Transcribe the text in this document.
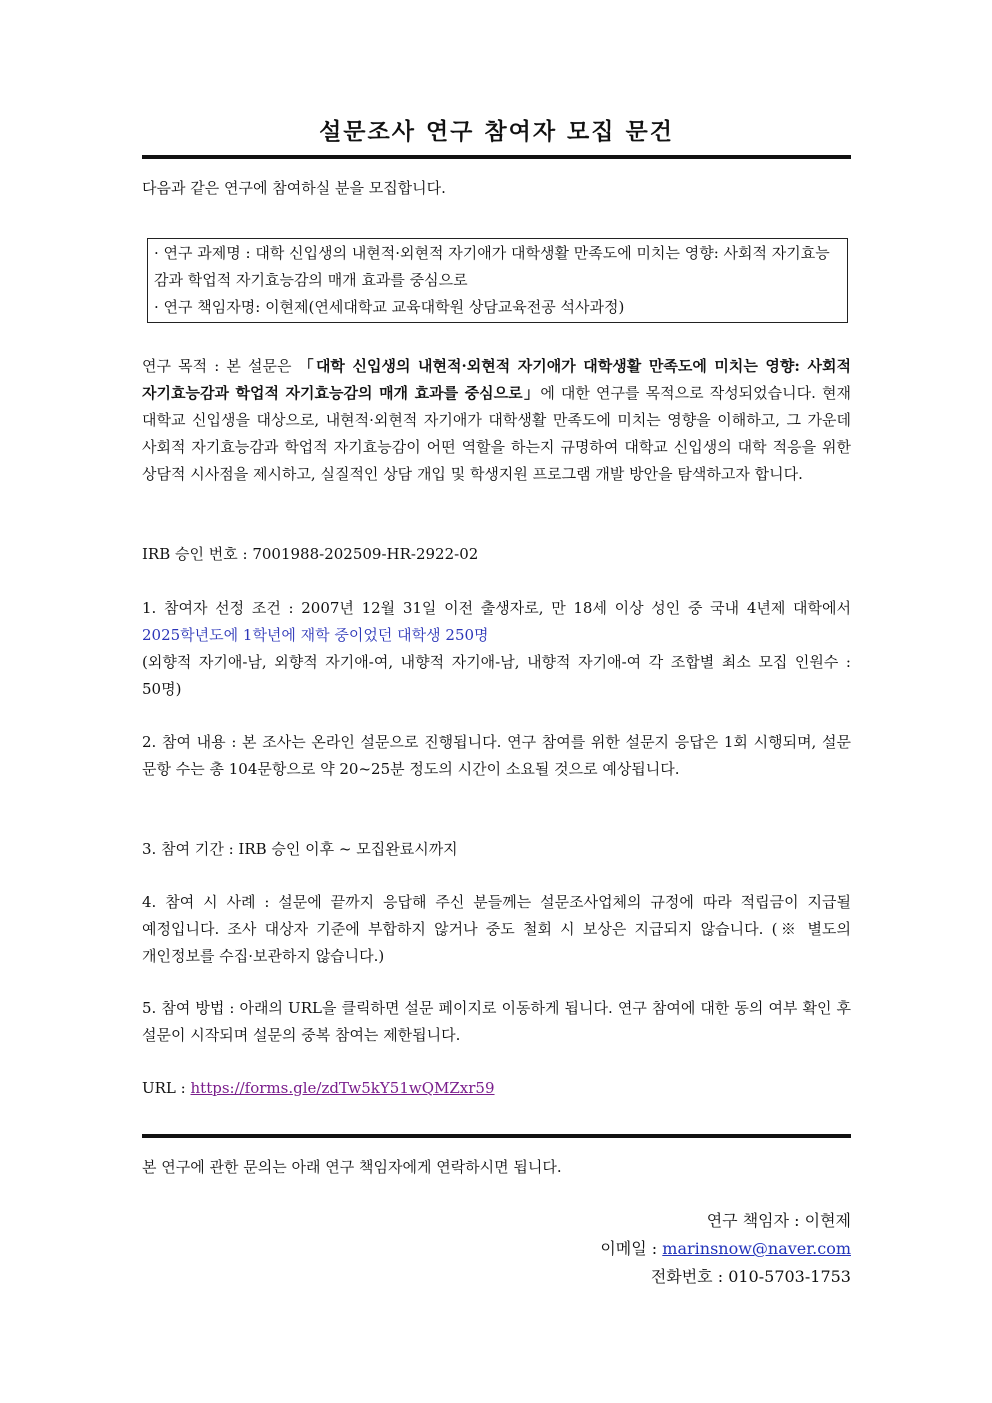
설문조사 연구 참여자 모집 문건

다음과 같은 연구에 참여하실 분을 모집합니다.

· 연구 과제명 : 대학 신입생의 내현적·외현적 자기애가 대학생활 만족도에 미치는 영향: 사회적 자기효능감과 학업적 자기효능감의 매개 효과를 중심으로

· 연구 책임자명: 이현제(연세대학교 교육대학원 상담교육전공 석사과정)

연구 목적 : 본 설문은 「대학 신입생의 내현적·외현적 자기애가 대학생활 만족도에 미치는 영향: 사회적 자기효능감과 학업적 자기효능감의 매개 효과를 중심으로」에 대한 연구를 목적으로 작성되었습니다. 현재 대학교 신입생을 대상으로, 내현적·외현적 자기애가 대학생활 만족도에 미치는 영향을 이해하고, 그 가운데 사회적 자기효능감과 학업적 자기효능감이 어떤 역할을 하는지 규명하여 대학교 신입생의 대학 적응을 위한 상담적 시사점을 제시하고, 실질적인 상담 개입 및 학생지원 프로그램 개발 방안을 탐색하고자 합니다.

IRB 승인 번호 : 7001988-202509-HR-2922-02

1. 참여자 선정 조건 : 2007년 12월 31일 이전 출생자로, 만 18세 이상 성인 중 국내 4년제 대학에서 2025학년도에 1학년에 재학 중이었던 대학생 250명
(외향적 자기애-남, 외향적 자기애-여, 내향적 자기애-남, 내향적 자기애-여 각 조합별 최소 모집 인원수 : 50명)

2. 참여 내용 : 본 조사는 온라인 설문으로 진행됩니다. 연구 참여를 위한 설문지 응답은 1회 시행되며, 설문 문항 수는 총 104문항으로 약 20~25분 정도의 시간이 소요될 것으로 예상됩니다.

3. 참여 기간 : IRB 승인 이후 ~ 모집완료시까지

4. 참여 시 사례 : 설문에 끝까지 응답해 주신 분들께는 설문조사업체의 규정에 따라 적립금이 지급될 예정입니다. 조사 대상자 기준에 부합하지 않거나 중도 철회 시 보상은 지급되지 않습니다. (※ 별도의 개인정보를 수집·보관하지 않습니다.)

5. 참여 방법 : 아래의 URL을 클릭하면 설문 페이지로 이동하게 됩니다. 연구 참여에 대한 동의 여부 확인 후 설문이 시작되며 설문의 중복 참여는 제한됩니다.

URL : https://forms.gle/zdTw5kY51wQMZxr59

본 연구에 관한 문의는 아래 연구 책임자에게 연락하시면 됩니다.

연구 책임자 : 이현제

이메일 : marinsnow@naver.com

전화번호 : 010-5703-1753
